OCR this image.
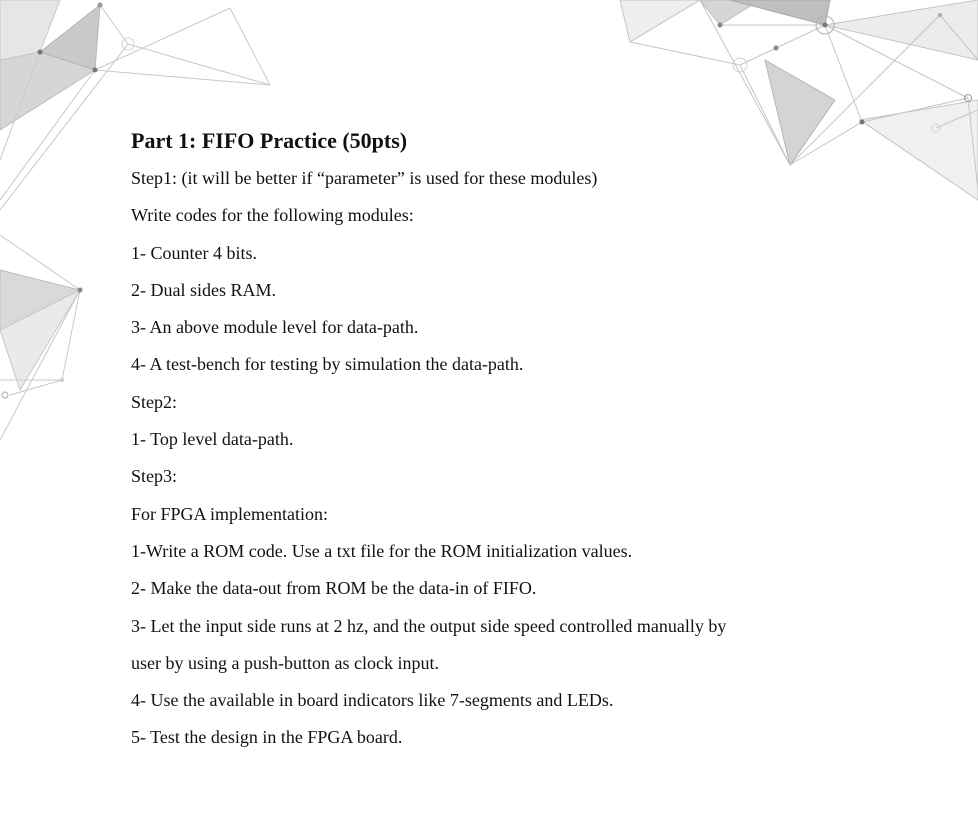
Part 1: FIFO Practice (50pts)
Step1: (it will be better if “parameter” is used for these modules)
Write codes for the following modules:
1- Counter 4 bits.
2- Dual sides RAM.
3- An above module level for data-path.
4- A test-bench for testing by simulation the data-path.
Step2:
1- Top level data-path.
Step3:
For FPGA implementation:
1-Write a ROM code. Use a txt file for the ROM initialization values.
2- Make the data-out from ROM be the data-in of FIFO.
3- Let the input side runs at 2 hz, and the output side speed controlled manually by
user by using a push-button as clock input.
4- Use the available in board indicators like 7-segments and LEDs.
5- Test the design in the FPGA board.
